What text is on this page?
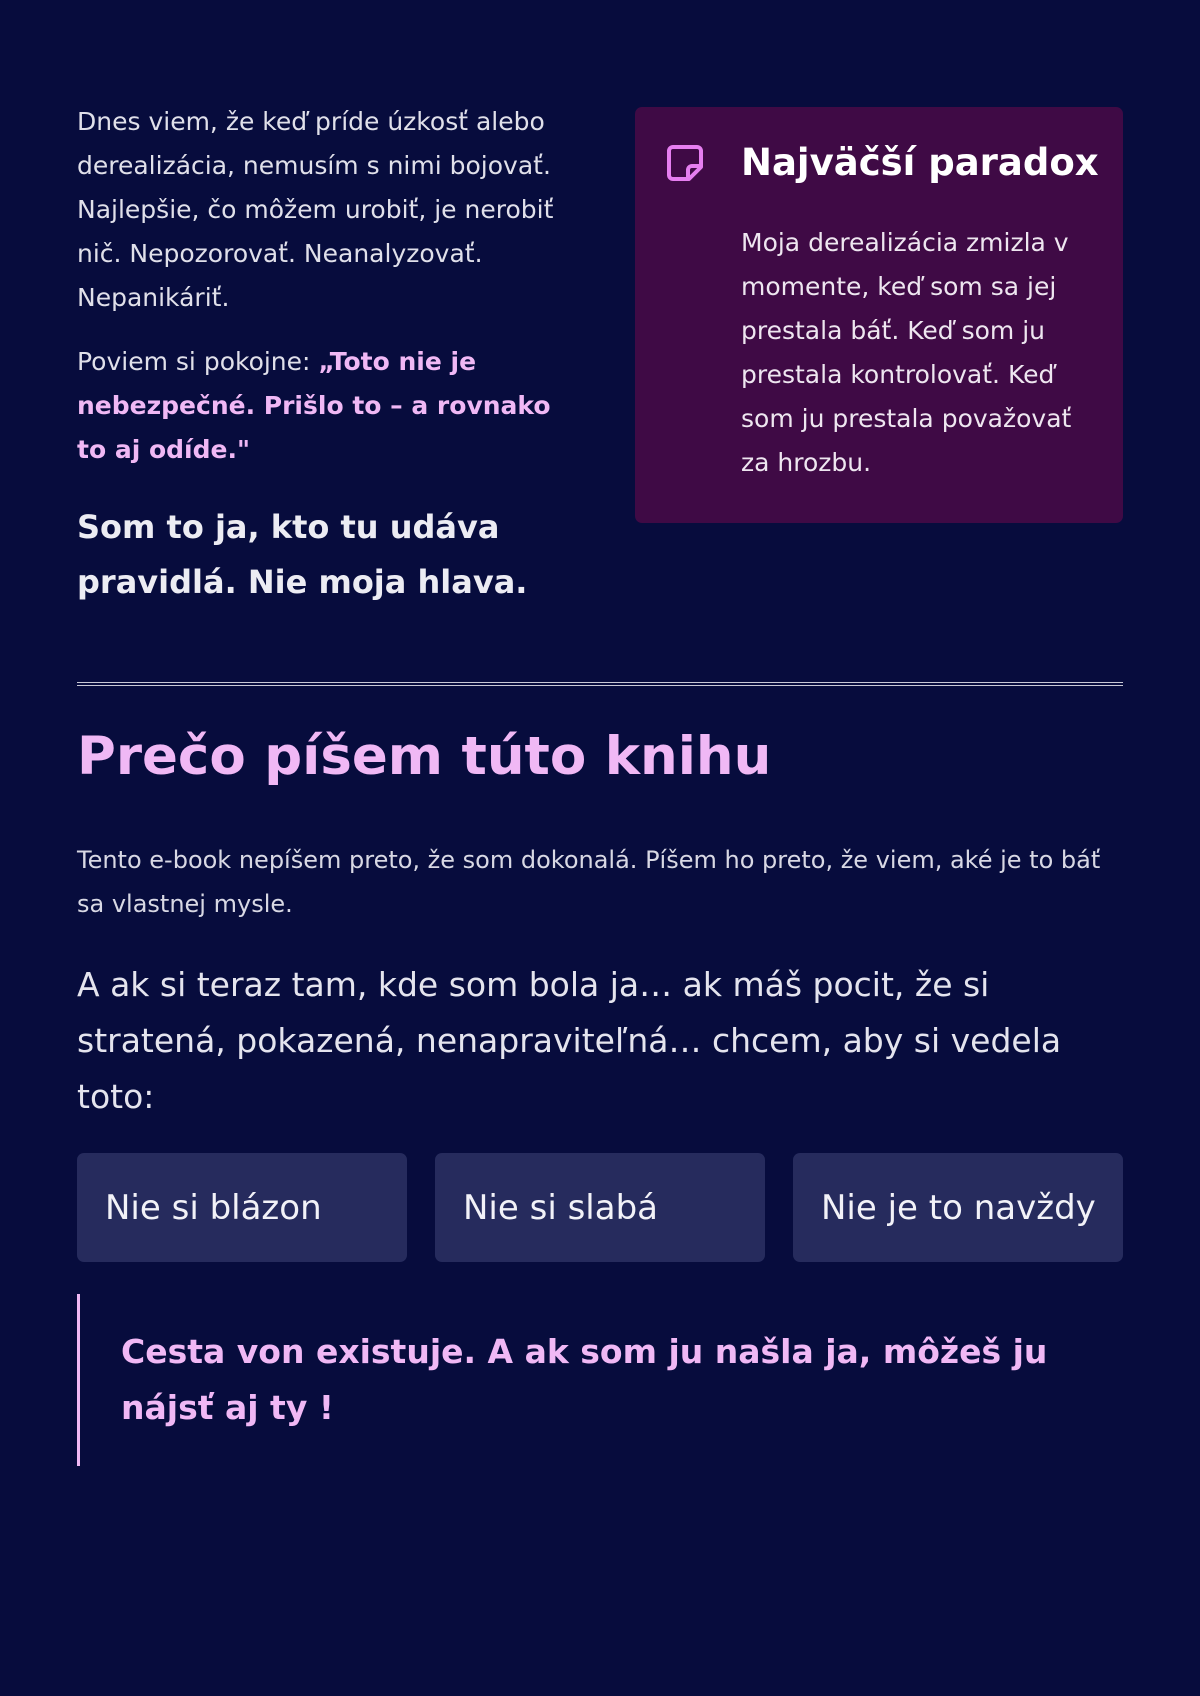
Dnes viem, že keď príde úzkosť alebo derealizácia, nemusím s nimi bojovať. Najlepšie, čo môžem urobiť, je nerobiť nič. Nepozorovať. Neanalyzovať. Nepanikáriť.

Poviem si pokojne: „Toto nie je nebezpečné. Prišlo to – a rovnako to aj odíde."

Som to ja, kto tu udáva pravidlá. Nie moja hlava.

Najväčší paradox

Moja derealizácia zmizla v momente, keď som sa jej prestala báť. Keď som ju prestala kontrolovať. Keď som ju prestala považovať za hrozbu.

Prečo píšem túto knihu

Tento e-book nepíšem preto, že som dokonalá. Píšem ho preto, že viem, aké je to báť sa vlastnej mysle.

A ak si teraz tam, kde som bola ja… ak máš pocit, že si stratená, pokazená, nenapraviteľná… chcem, aby si vedela toto:

Nie si blázon	Nie si slabá	Nie je to navždy

Cesta von existuje. A ak som ju našla ja, môžeš ju nájsť aj ty !
